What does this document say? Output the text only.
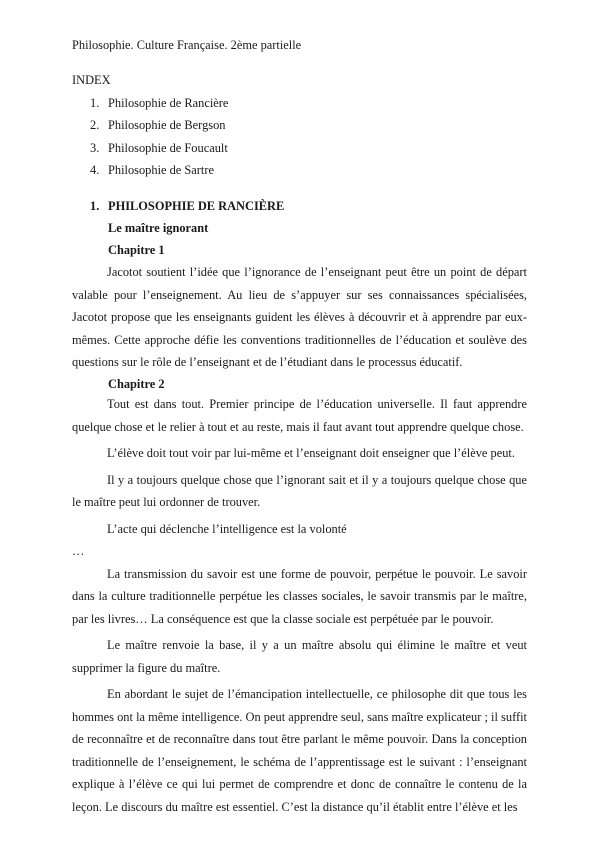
Philosophie. Culture Française. 2ème partielle
INDEX
1. Philosophie de Rancière
2. Philosophie de Bergson
3. Philosophie de Foucault
4. Philosophie de Sartre
1. PHILOSOPHIE DE RANCIÈRE
Le maître ignorant
Chapitre 1

Jacotot soutient l’idée que l’ignorance de l’enseignant peut être un point de départ valable pour l’enseignement. Au lieu de s’appuyer sur ses connaissances spécialisées, Jacotot propose que les enseignants guident les élèves à découvrir et à apprendre par eux-mêmes. Cette approche défie les conventions traditionnelles de l’éducation et soulève des questions sur le rôle de l’enseignant et de l’étudiant dans le processus éducatif.

Chapitre 2

Tout est dans tout. Premier principe de l’éducation universelle. Il faut apprendre quelque chose et le relier à tout et au reste, mais il faut avant tout apprendre quelque chose.

L’élève doit tout voir par lui-même et l’enseignant doit enseigner que l’élève peut.

Il y a toujours quelque chose que l’ignorant sait et il y a toujours quelque chose que le maître peut lui ordonner de trouver.

L’acte qui déclenche l’intelligence est la volonté

…

La transmission du savoir est une forme de pouvoir, perpétue le pouvoir. Le savoir dans la culture traditionnelle perpétue les classes sociales, le savoir transmis par le maître, par les livres… La conséquence est que la classe sociale est perpétuée par le pouvoir.

Le maître renvoie la base, il y a un maître absolu qui élimine le maître et veut supprimer la figure du maître.

En abordant le sujet de l’émancipation intellectuelle, ce philosophe dit que tous les hommes ont la même intelligence. On peut apprendre seul, sans maître explicateur ; il suffit de reconnaître et de reconnaître dans tout être parlant le même pouvoir. Dans la conception traditionnelle de l’enseignement, le schéma de l’apprentissage est le suivant : l’enseignant explique à l’élève ce qui lui permet de comprendre et donc de connaître le contenu de la leçon. Le discours du maître est essentiel. C’est la distance qu’il établit entre l’élève et les
